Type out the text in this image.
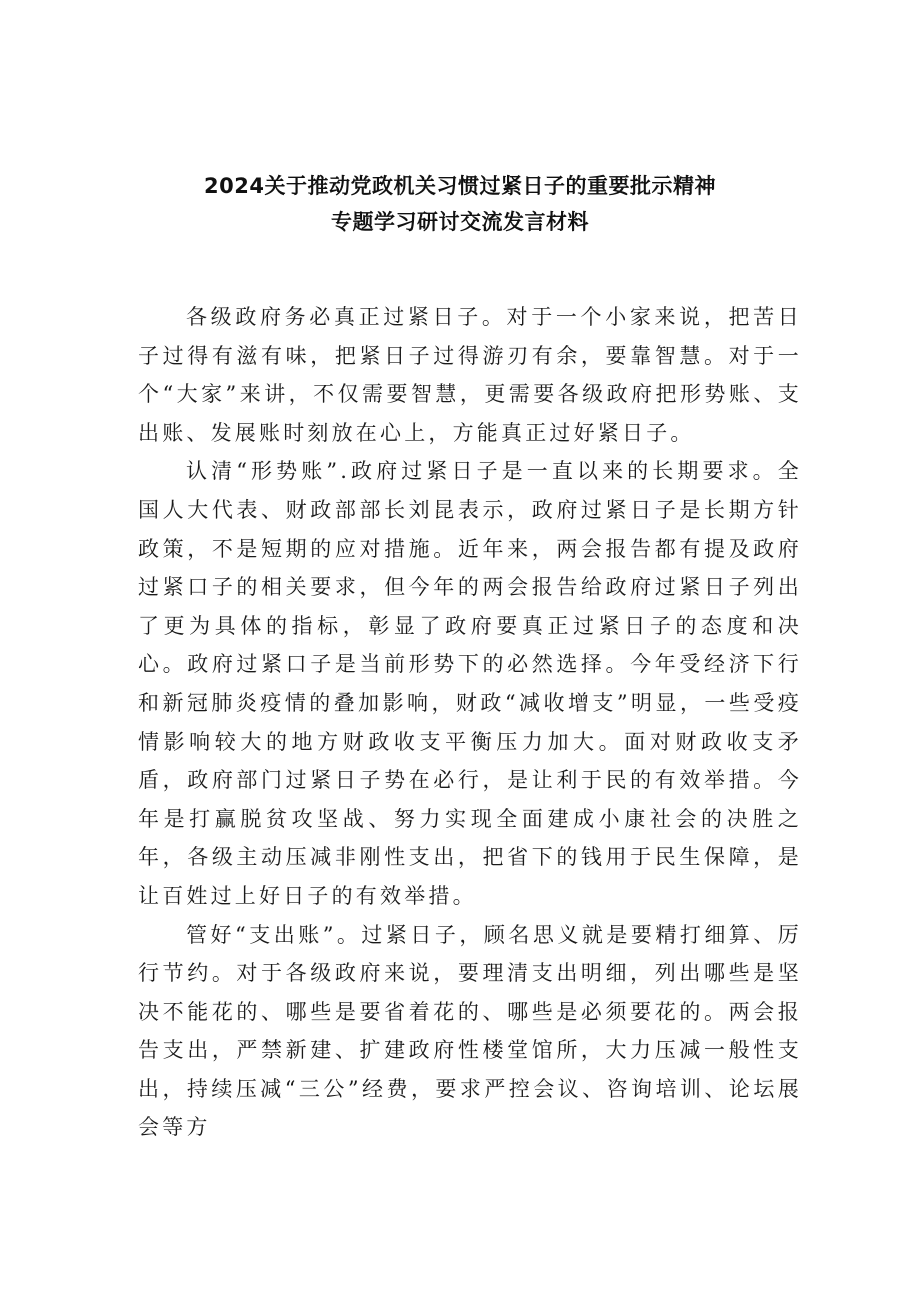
2024关于推动党政机关习惯过紧日子的重要批示精神
专题学习研讨交流发言材料

各级政府务必真正过紧日子。对于一个小家来说，把苦日子过得有滋有味，把紧日子过得游刃有余，要靠智慧。对于一个“大家”来讲，不仅需要智慧，更需要各级政府把形势账、支出账、发展账时刻放在心上，方能真正过好紧日子。

认清“形势账”.政府过紧日子是一直以来的长期要求。全国人大代表、财政部部长刘昆表示，政府过紧日子是长期方针政策，不是短期的应对措施。近年来，两会报告都有提及政府过紧口子的相关要求，但今年的两会报告给政府过紧日子列出了更为具体的指标，彰显了政府要真正过紧日子的态度和决心。政府过紧口子是当前形势下的必然选择。今年受经济下行和新冠肺炎疫情的叠加影响，财政“减收增支”明显，一些受疫情影响较大的地方财政收支平衡压力加大。面对财政收支矛盾，政府部门过紧日子势在必行，是让利于民的有效举措。今年是打赢脱贫攻坚战、努力实现全面建成小康社会的决胜之年，各级主动压减非刚性支出，把省下的钱用于民生保障，是让百姓过上好日子的有效举措。

管好“支出账”。过紧日子，顾名思义就是要精打细算、厉行节约。对于各级政府来说，要理清支出明细，列出哪些是坚决不能花的、哪些是要省着花的、哪些是必须要花的。两会报告支出，严禁新建、扩建政府性楼堂馆所，大力压减一般性支出，持续压减“三公”经费，要求严控会议、咨询培训、论坛展会等方
